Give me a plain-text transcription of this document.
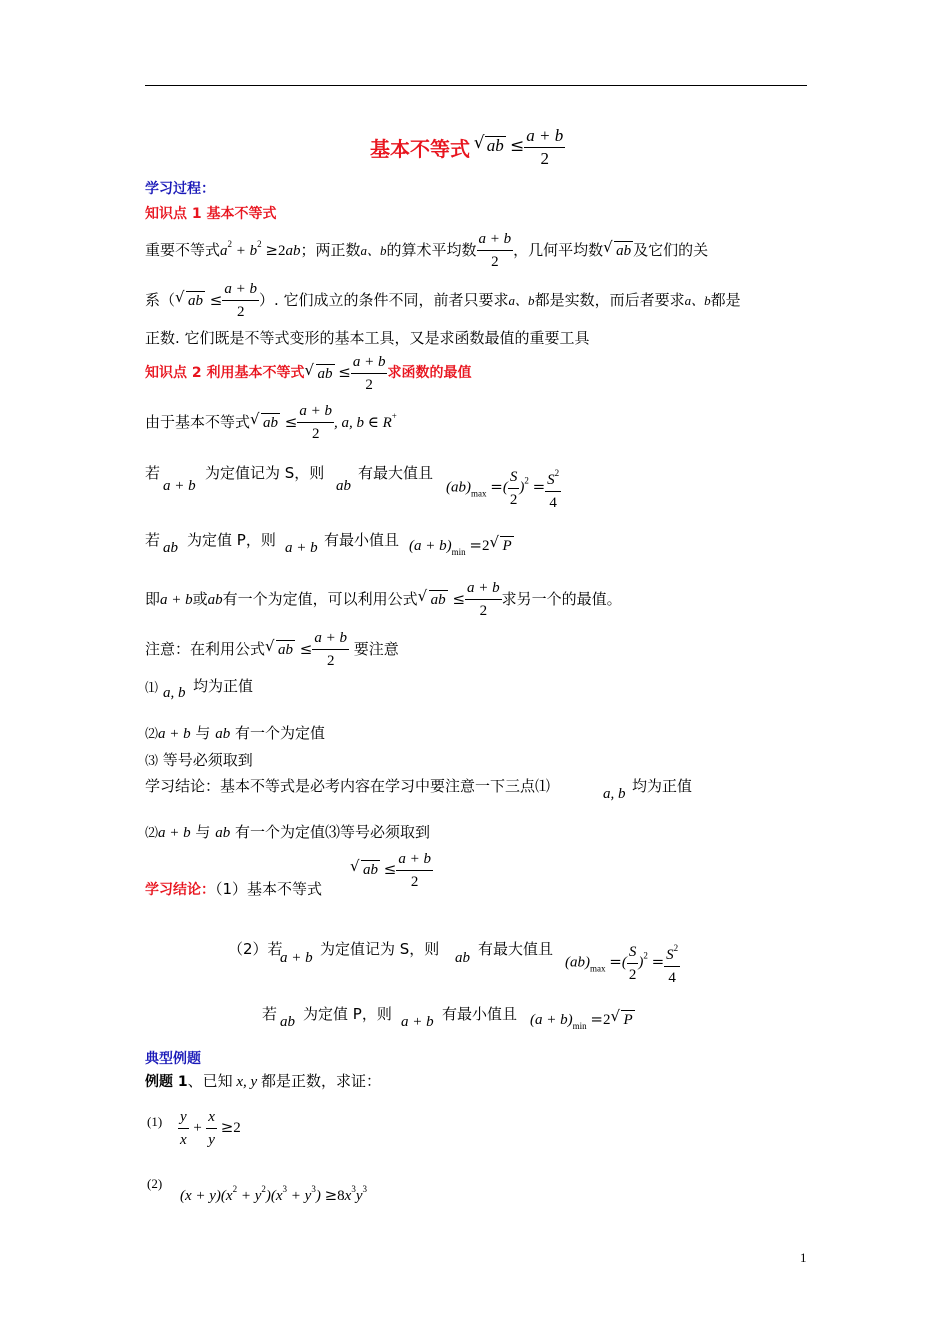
基本不等式 √ ab ≤ $\frac{a + b}{2}$
学习过程：
知识点 1 基本不等式
重要不等式$a^2 + b^2 \ge 2ab$；两正数a、b的算术平均数 $\frac{a + b}{2}$ ，几何平均数 √ ab 及它们的关
系（ √ ab ≤ $\frac{a + b}{2}$ ）. 它们成立的条件不同，前者只要求a、b都是实数，而后者要求a、b都是
正数. 它们既是不等式变形的基本工具，又是求函数最值的重要工具
知识点 2 利用基本不等式 √ ab ≤ $\frac{a + b}{2}$ 求函数的最值
由于基本不等式 √ ab ≤ $\frac{a + b}{2}$ , a, b ∈ R+
若
a + b
为定值记为 S，则
ab
有最大值且
$(ab)_{max}$ =( $\frac{S}{2} )^2 = \frac{S^2}{4}$
若 ab 为定值 P，则 a + b 有最小值且 $(a + b)_{min} =2$ √ P
即a + b或ab有一个为定值，可以利用公式 √ ab ≤ $\frac{a + b}{2}$ 求另一个的最值。
注意：在利用公式 √ ab ≤ $\frac{a + b}{2}$ 要注意
⑴ a, b 均为正值
⑵a + b 与 ab 有一个为定值
⑶ 等号必须取到
学习结论：基本不等式是必考内容在学习中要注意一下三点⑴	a, b 均为正值
⑵a + b 与 ab 有一个为定值⑶等号必须取到
学习结论：（1）基本不等式
√ ab ≤ $\frac{a + b}{2}$
（2）若
a + b 为定值记为 S，则 ab 有最大值且
$(ab)_{max}$ =( $\frac{S}{2} )^2 = \frac{S^2}{4}$
若 ab 为定值 P，则 a + b 有最小值且 $(a + b)_{min} =2$ √ P
典型例题
例题 1、已知 x, y 都是正数，求证：
$(1) \frac{y}{x} + \frac{x}{y} \ge 2$
(2)
$(x + y)(x^2 + y^2)(x^3 + y^3) \ge 8x^3y^3$
1
